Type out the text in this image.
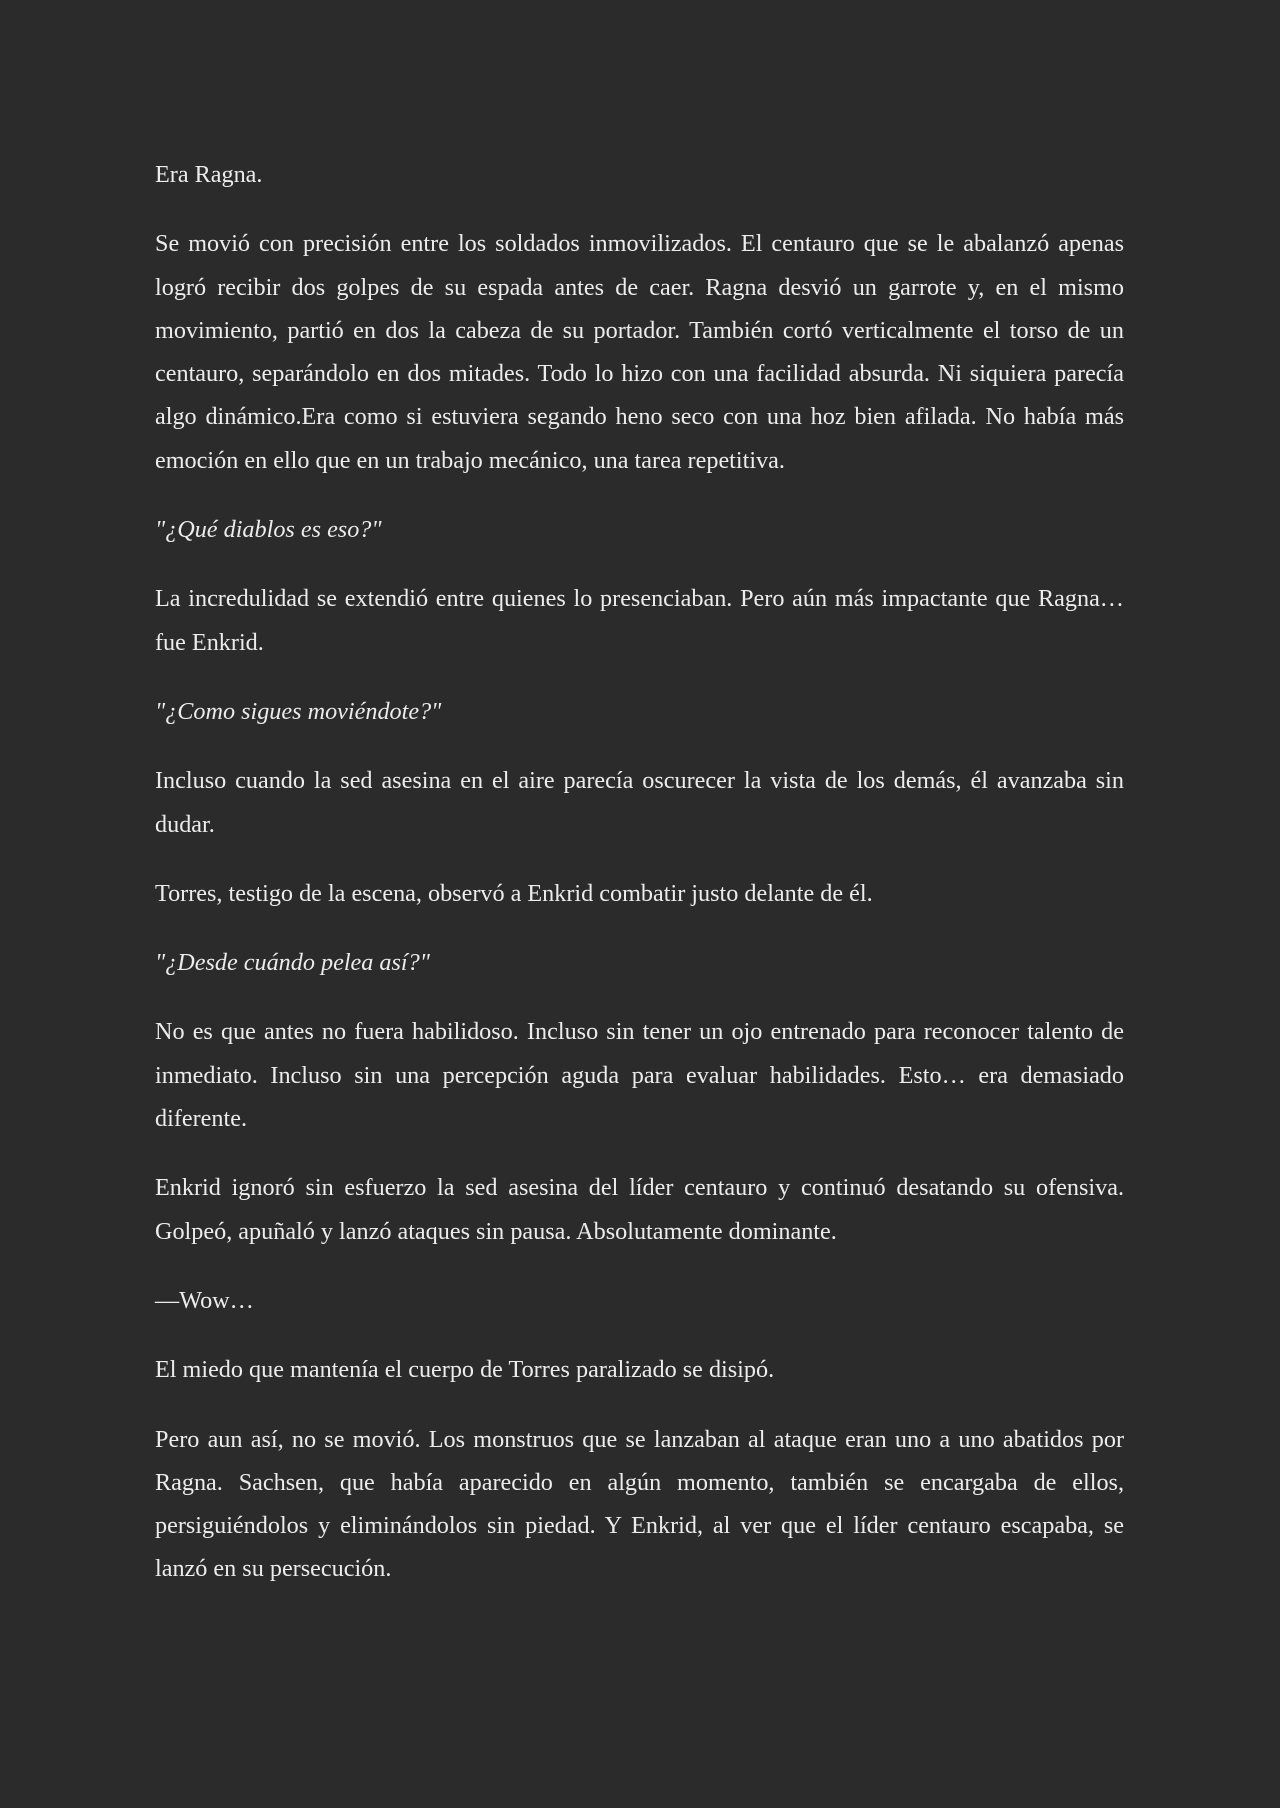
Era Ragna.

Se movió con precisión entre los soldados inmovilizados. El centauro que se le abalanzó apenas logró recibir dos golpes de su espada antes de caer. Ragna desvió un garrote y, en el mismo movimiento, partió en dos la cabeza de su portador. También cortó verticalmente el torso de un centauro, separándolo en dos mitades. Todo lo hizo con una facilidad absurda. Ni siquiera parecía algo dinámico.Era como si estuviera segando heno seco con una hoz bien afilada. No había más emoción en ello que en un trabajo mecánico, una tarea repetitiva.

"¿Qué diablos es eso?"

La incredulidad se extendió entre quienes lo presenciaban. Pero aún más impactante que Ragna… fue Enkrid.

"¿Como sigues moviéndote?"

Incluso cuando la sed asesina en el aire parecía oscurecer la vista de los demás, él avanzaba sin dudar.

Torres, testigo de la escena, observó a Enkrid combatir justo delante de él.

"¿Desde cuándo pelea así?"

No es que antes no fuera habilidoso. Incluso sin tener un ojo entrenado para reconocer talento de inmediato. Incluso sin una percepción aguda para evaluar habilidades. Esto… era demasiado diferente.

Enkrid ignoró sin esfuerzo la sed asesina del líder centauro y continuó desatando su ofensiva. Golpeó, apuñaló y lanzó ataques sin pausa. Absolutamente dominante.

—Wow…

El miedo que mantenía el cuerpo de Torres paralizado se disipó.

Pero aun así, no se movió. Los monstruos que se lanzaban al ataque eran uno a uno abatidos por Ragna. Sachsen, que había aparecido en algún momento, también se encargaba de ellos, persiguiéndolos y eliminándolos sin piedad. Y Enkrid, al ver que el líder centauro escapaba, se lanzó en su persecución.
